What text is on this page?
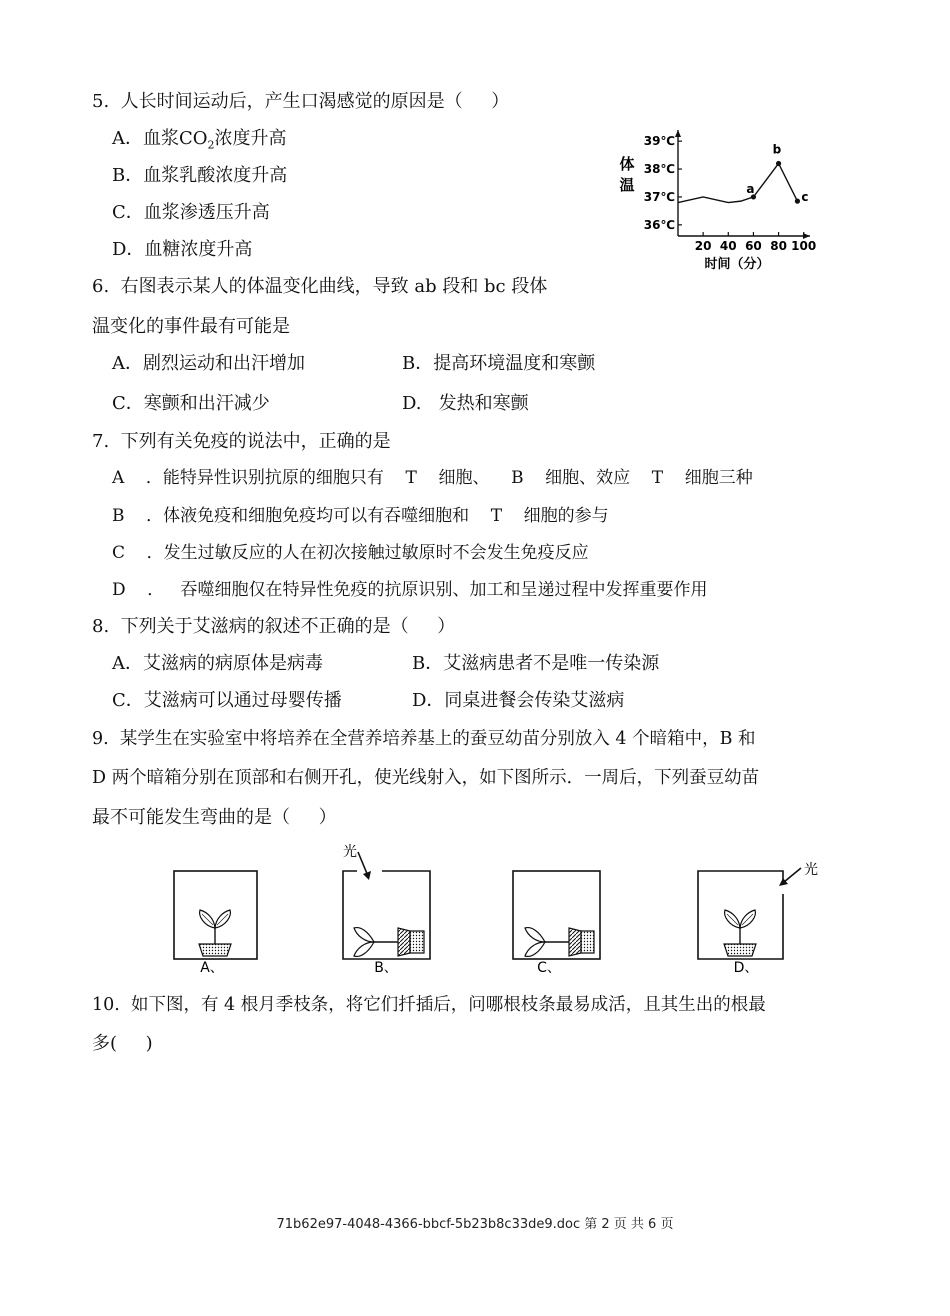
5.  人长时间运动后，产生口渴感觉的原因是（     ）
A．血浆$CO_2$浓度升高
B．血浆乳酸浓度升高
C．血浆渗透压升高
D．血糖浓度升高
体
温
36℃
37℃
38℃
39℃
20 40 60 80 100
a
b
c
时间（分）
6.  右图表示某人的体温变化曲线，导致 ab 段和 bc 段体
温变化的事件最有可能是
A．剧烈运动和出汗增加	B．提高环境温度和寒颤
C．寒颤和出汗减少	D.   发热和寒颤
7.  下列有关免疫的说法中，正确的是
A    ．能特异性识别抗原的细胞只有    T    细胞、    B    细胞、效应    T    细胞三种
B    ．体液免疫和细胞免疫均可以有吞噬细胞和    T    细胞的参与
C    ．发生过敏反应的人在初次接触过敏原时不会发生免疫反应
D    ．   吞噬细胞仅在特异性免疫的抗原识别、加工和呈递过程中发挥重要作用
8.  下列关于艾滋病的叙述不正确的是（     ）
A．艾滋病的病原体是病毒	B．艾滋病患者不是唯一传染源
C．艾滋病可以通过母婴传播	D．同桌进餐会传染艾滋病
9.  某学生在实验室中将培养在全营养培养基上的蚕豆幼苗分别放入 4 个暗箱中，B 和
D 两个暗箱分别在顶部和右侧开孔，使光线射入，如下图所示．一周后，下列蚕豆幼苗
最不可能发生弯曲的是（     ）
A、
光
B、	C、
光
D、
10.  如下图，有 4 根月季枝条，将它们扦插后，问哪根枝条最易成活，且其生出的根最
多(     )
71b62e97-4048-4366-bbcf-5b23b8c33de9.doc 第 2 页 共 6 页
